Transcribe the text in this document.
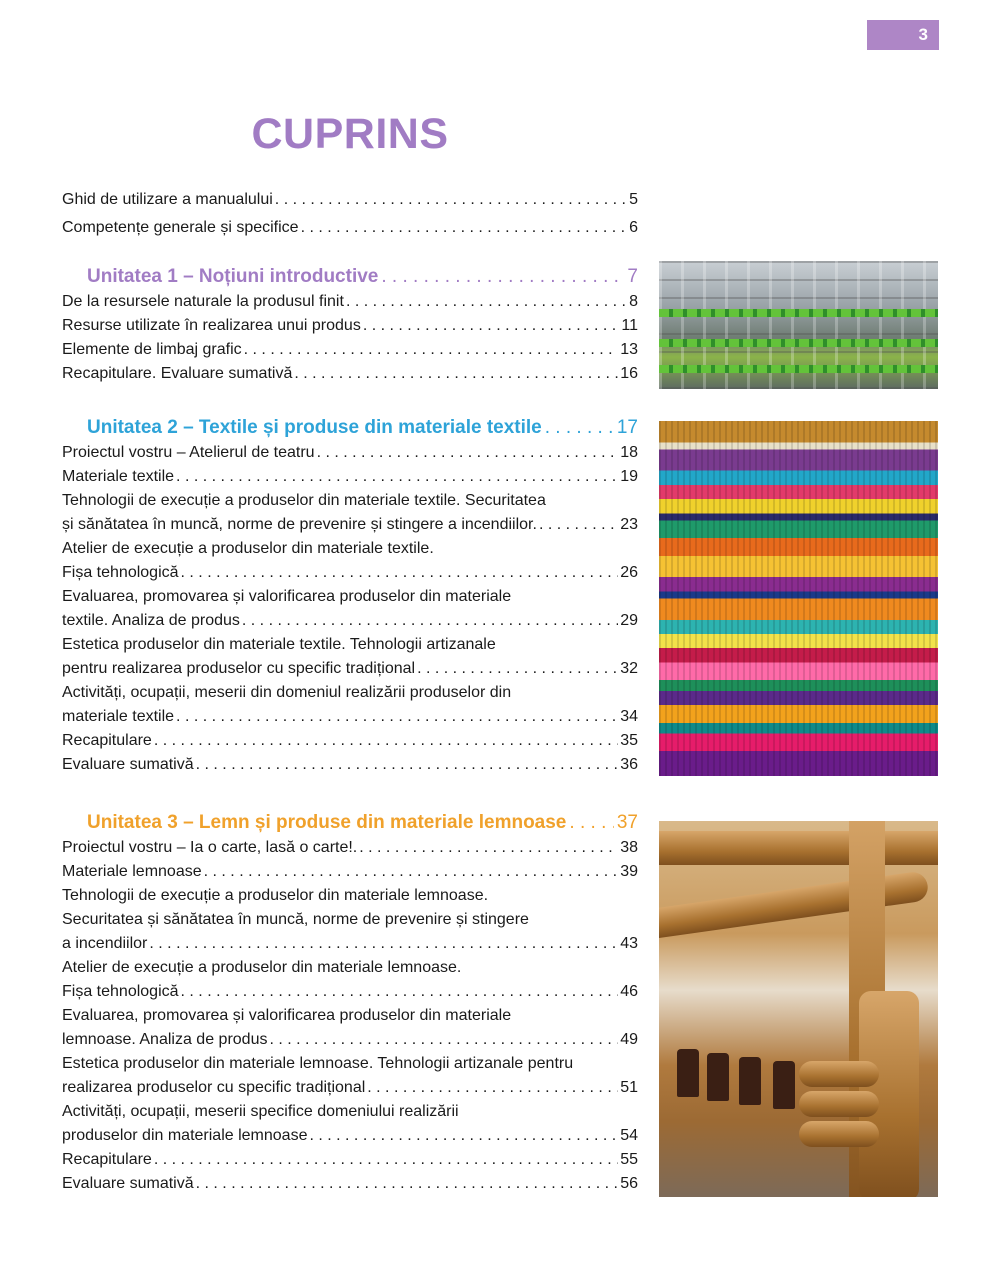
3
CUPRINS
Ghid de utilizare a manualului . . .	5
Competențe generale și specifice . . .	6
Unitatea 1 – Noțiuni introductive . . .	7
De la resursele naturale la produsul finit . . .	8
Resurse utilizate în realizarea unui produs . . .	11
Elemente de limbaj grafic . . .	13
Recapitulare. Evaluare sumativă . . .	16
Unitatea 2 – Textile și produse din materiale textile . . .	17
Proiectul vostru – Atelierul de teatru . . .	18
Materiale textile . . .	19
Tehnologii de execuție a produselor din materiale textile. Securitatea
și sănătatea în muncă, norme de prevenire și stingere a incendiilor. . . .	23
Atelier de execuție a produselor din materiale textile.
Fișa tehnologică . . .	26
Evaluarea, promovarea și valorificarea produselor din materiale
textile. Analiza de produs . . .	29
Estetica produselor din materiale textile. Tehnologii artizanale
pentru realizarea produselor cu specific tradițional . . .	32
Activități, ocupații, meserii din domeniul realizării produselor din
materiale textile . . .	34
Recapitulare . . .	35
Evaluare sumativă . . .	36
Unitatea 3 – Lemn și produse din materiale lemnoase . . .	37
Proiectul vostru – Ia o carte, lasă o carte!. . . .	38
Materiale lemnoase . . .	39
Tehnologii de execuție a produselor din materiale lemnoase.
Securitatea și sănătatea în muncă, norme de prevenire și stingere
a incendiilor . . .	43
Atelier de execuție a produselor din materiale lemnoase.
Fișa tehnologică . . .	46
Evaluarea, promovarea și valorificarea produselor din materiale
lemnoase. Analiza de produs . . .	49
Estetica produselor din materiale lemnoase. Tehnologii artizanale pentru
realizarea produselor cu specific tradițional . . .	51
Activități, ocupații, meserii specifice domeniului realizării
produselor din materiale lemnoase . . .	54
Recapitulare . . .	55
Evaluare sumativă . . .	56
